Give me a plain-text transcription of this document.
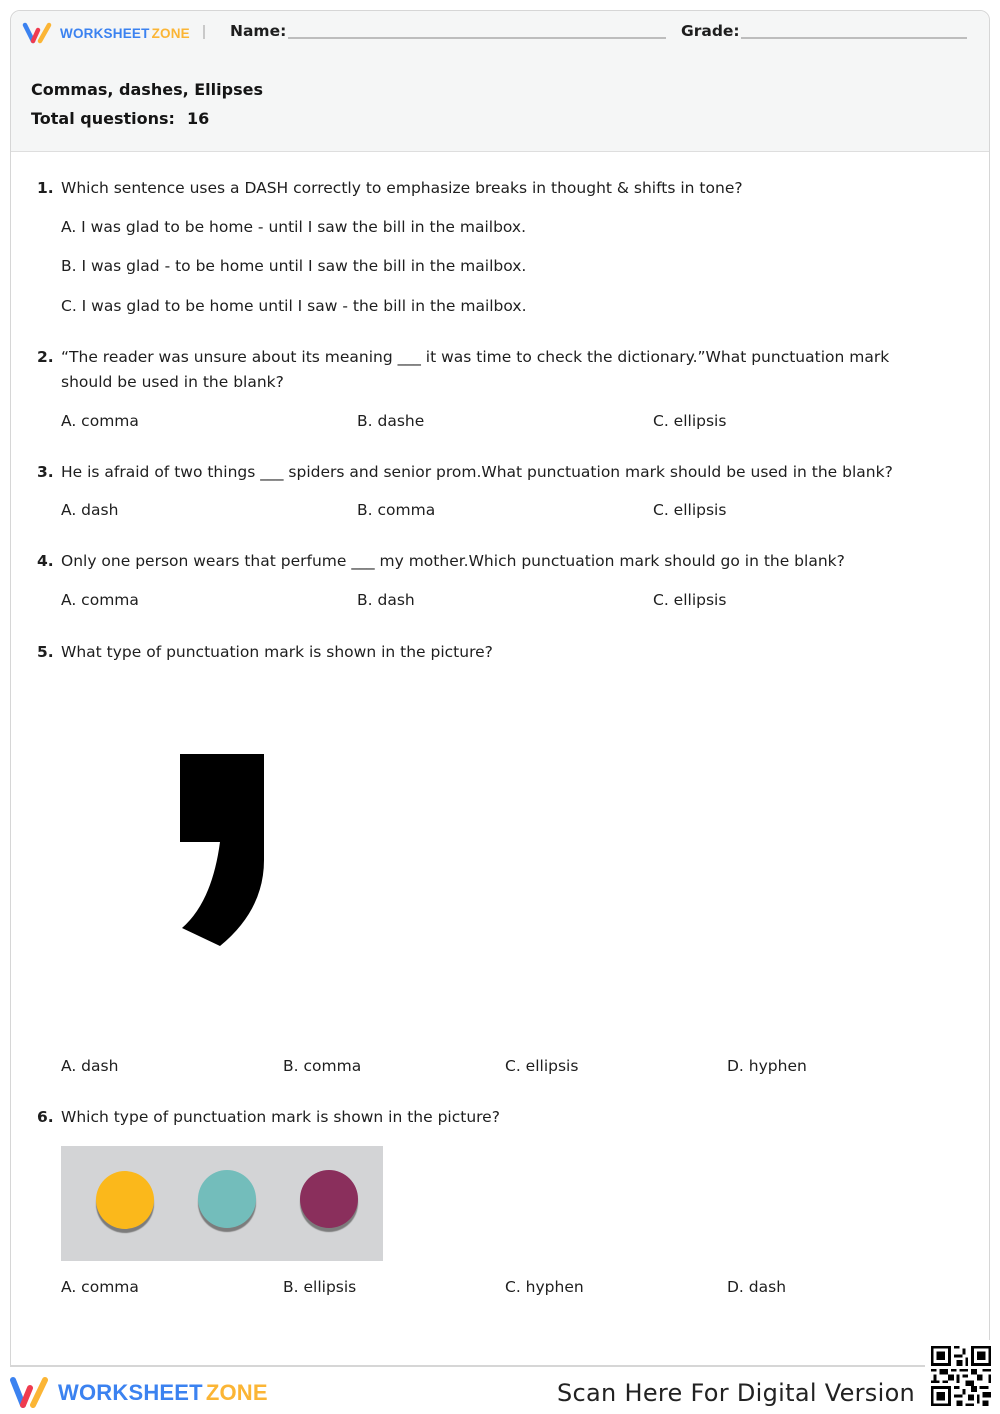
WORKSHEET ZONE	Name:	Grade:
Commas, dashes, Ellipses
Total questions: 16
1. Which sentence uses a DASH correctly to emphasize breaks in thought & shifts in tone?
A. I was glad to be home - until I saw the bill in the mailbox.
B. I was glad - to be home until I saw the bill in the mailbox.
C. I was glad to be home until I saw - the bill in the mailbox.
2. “The reader was unsure about its meaning ___ it was time to check the dictionary.”What punctuation mark should be used in the blank?
A. comma	B. dashe	C. ellipsis
3. He is afraid of two things ___ spiders and senior prom.What punctuation mark should be used in the blank?
A. dash	B. comma	C. ellipsis
4. Only one person wears that perfume ___ my mother.Which punctuation mark should go in the blank?
A. comma	B. dash	C. ellipsis
5. What type of punctuation mark is shown in the picture?
A. dash	B. comma	C. ellipsis	D. hyphen
6. Which type of punctuation mark is shown in the picture?
A. comma	B. ellipsis	C. hyphen	D. dash
WORKSHEET ZONE	Scan Here For Digital Version
